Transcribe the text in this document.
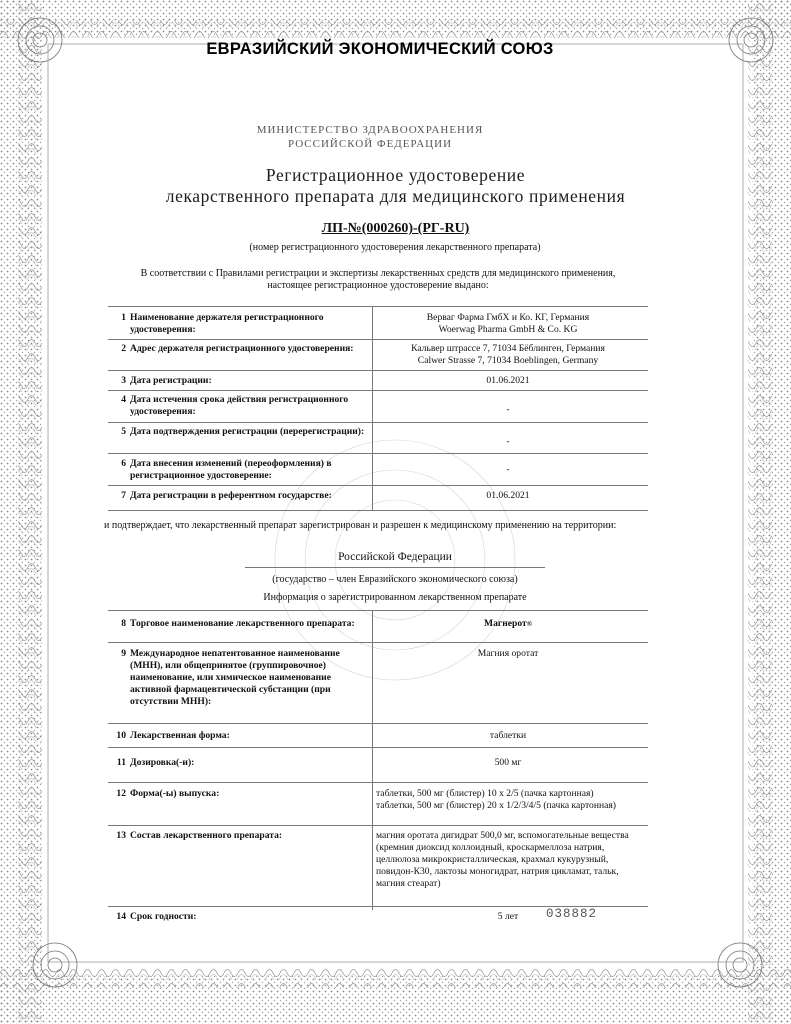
ЕВРАЗИЙСКИЙ ЭКОНОМИЧЕСКИЙ СОЮЗ
МИНИСТЕРСТВО ЗДРАВООХРАНЕНИЯ
РОССИЙСКОЙ ФЕДЕРАЦИИ
Регистрационное удостоверение
лекарственного препарата для медицинского применения
ЛП-№(000260)-(РГ-RU)
(номер регистрационного удостоверения лекарственного препарата)
В соответствии с Правилами регистрации и экспертизы лекарственных средств для медицинского применения,
настоящее регистрационное удостоверение выдано:
1 Наименование держателя регистрационного удостоверения:
Верваг Фарма ГмбХ и Ко. КГ, Германия
Woerwag Pharma GmbH & Co. KG
2 Адрес держателя регистрационного удостоверения:	Кальвер штрассе 7, 71034 Бёблинген, Германия
Calwer Strasse 7, 71034 Boeblingen, Germany
3 Дата регистрации:	01.06.2021
4 Дата истечения срока действия регистрационного удостоверения:	-
5 Дата подтверждения регистрации (перерегистрации):
-
6 Дата внесения изменений (переоформления) в регистрационное удостоверение:
-
7 Дата регистрации в референтном государстве:	01.06.2021
и подтверждает, что лекарственный препарат зарегистрирован и разрешен к медицинскому применению на территории:
Российской Федерации
(государство – член Евразийского экономического союза)
Информация о зарегистрированном лекарственном препарате
8 Торговое наименование лекарственного препарата:	Магнерот®
9 Международное непатентованное наименование (МНН), или общепринятое (группировочное) наименование, или химическое наименование активной фармацевтической субстанции (при отсутствии МНН):
Магния оротат
10 Лекарственная форма:	таблетки
11 Дозировка(-и):	500 мг
12 Форма(-ы) выпуска:	таблетки, 500 мг (блистер) 10 x 2/5 (пачка картонная)
таблетки, 500 мг (блистер) 20 x 1/2/3/4/5 (пачка картонная)
13 Состав лекарственного препарата:	магния оротата дигидрат 500,0 мг, вспомогательные вещества (кремния диоксид коллоидный, кроскармеллоза натрия, целлюлоза микрокристаллическая, крахмал кукурузный, повидон-К30, лактозы моногидрат, натрия цикламат, тальк, магния стеарат)
14 Срок годности:	5 лет	038882
